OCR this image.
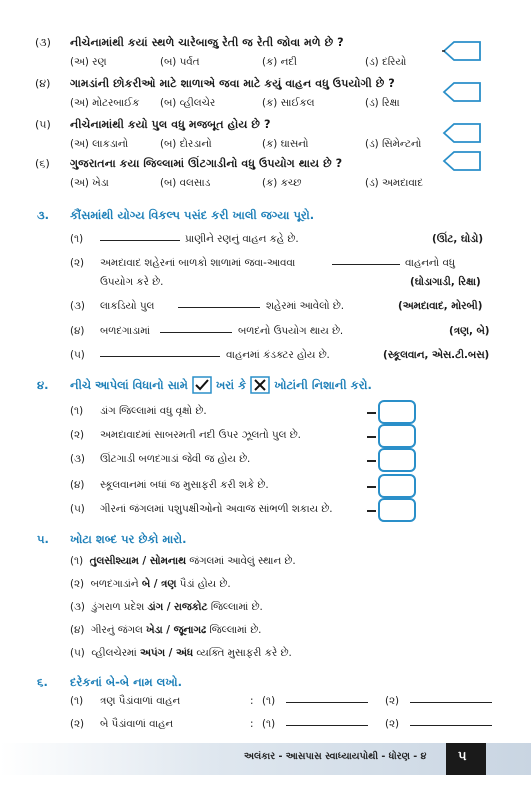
(૩) નીચેનામાંથી કયાં સ્થળે ચારેબાજુ રેતી જ રેતી જોવા મળે છે ?
(અ) રણ	(બ) પર્વત	(ક) નદી	(ડ) દરિયો
(૪) ગામડાંની છોકરીઓ માટે શાળાએ જવા માટે કયું વાહન વધુ ઉપયોગી છે ?
(અ) મોટરબાઈક (બ) વ્હીલચેર	(ક) સાઈકલ	(ડ) રિક્ષા
(૫) નીચેનામાંથી કયો પુલ વધુ મજબૂત હોય છે ?
(અ) લાકડાનો	(બ) દોરડાનો	(ક) ઘાસનો	(ડ) સિમેન્ટનો
(૬) ગુજરાતના કયા જિલ્લામાં ઊંટગાડીનો વધુ ઉપયોગ થાય છે ?
(અ) ખેડા	(બ) વલસાડ	(ક) કચ્છ	(ડ) અમદાવાદ
૩. કૌંસમાંથી યોગ્ય વિકલ્પ પસંદ કરી ખાલી જગ્યા પૂરો.
(૧)	પ્રાણીને રણનું વાહન કહે છે.	(ઊંટ, ઘોડો)
(૨) અમદાવાદ શહેરનાં બાળકો શાળામાં જવા-આવવા	વાહનનો વધુ
ઉપયોગ કરે છે.	(ઘોડાગાડી, રિક્ષા)
(૩) લાકડિયો પુલ	શહેરમાં આવેલો છે.	(અમદાવાદ, મોરબી)
(૪) બળદગાડામાં	બળદનો ઉપયોગ થાય છે.	(ત્રણ, બે)
(૫)	વાહનમાં કંડક્ટર હોય છે.	(સ્કૂલવાન, એસ.ટી.બસ)
૪. નીચે આપેલાં વિધાનો સામે ખરાં કે ખોટાંની નિશાની કરો.
(૧) ડાંગ જિલ્લામાં વધુ વૃક્ષો છે.
(૨) અમદાવાદમાં સાબરમતી નદી ઉપર ઝૂલતો પુલ છે.
(૩) ઊંટગાડી બળદગાડાં જેવી જ હોય છે.
(૪) સ્કૂલવાનમાં બધાં જ મુસાફરી કરી શકે છે.
(૫) ગીરનાં જંગલમાં પશુપક્ષીઓનો અવાજ સાંભળી શકાય છે.
૫. ખોટા શબ્દ પર છેકો મારો.
(૧) તુલસીશ્યામ / સોમનાથ જંગલમાં આવેલું સ્થાન છે.
(૨) બળદગાડાંને બે / ત્રણ પૈડાં હોય છે.
(૩) ડુંગરાળ પ્રદેશ ડાંગ / રાજકોટ જિલ્લામાં છે.
(૪) ગીરનું જંગલ ખેડા / જૂનાગઢ જિલ્લામાં છે.
(૫) વ્હીલચેરમાં અપંગ / અંધ વ્યક્તિ મુસાફરી કરે છે.
૬. દરેકનાં બે-બે નામ લખો.
(૧) ત્રણ પૈડાંવાળાં વાહન	: (૧)	(૨)
(૨) બે પૈડાંવાળાં વાહન	: (૧)	(૨)
અલંકાર - આસપાસ સ્વાધ્યાયપોથી - ધોરણ - ૪ ૫
